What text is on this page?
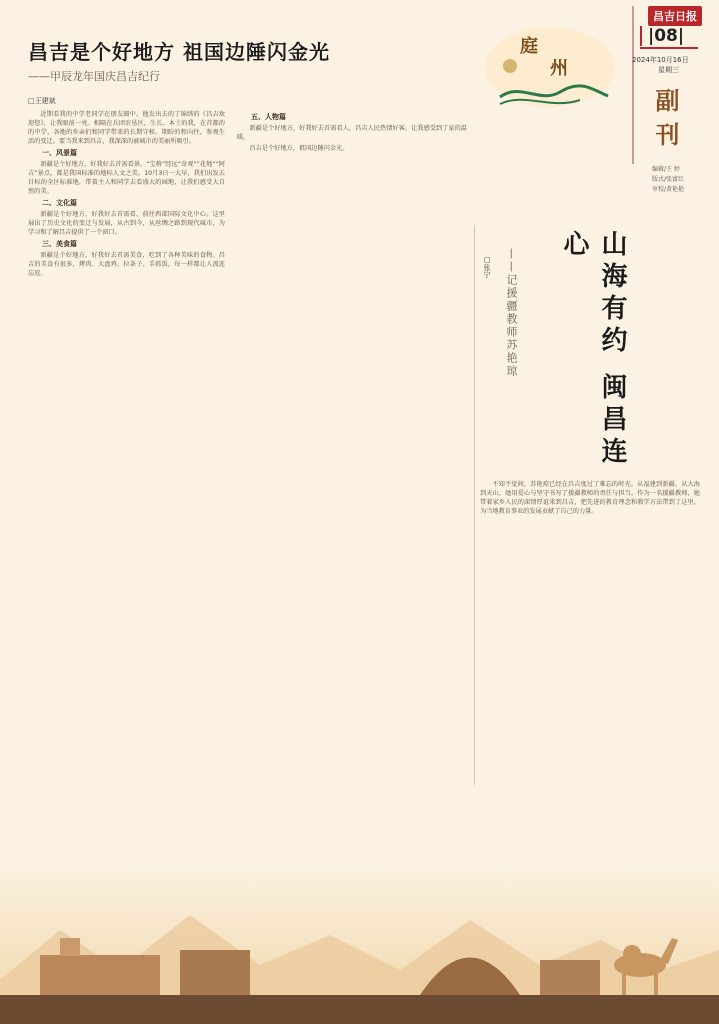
昌吉日报
|08|
2024年10月16日
星期三
副刊
编辑/王 婷
版式/张富红
审校/黄艳艳
庭
州
昌吉是个好地方 祖国边陲闪金光
——甲辰龙年国庆昌吉纪行
□王建斌

近期看我的中学老同学在朋友圈中，他发出去的了锦绣的《昌吉欢迎您》，让我眼前一亮。相隔在兵团农垦区，生长、本土的我，在首都的的中学，各地的乡亲们和同学带来的长期守候。期盼的和向往，参观生活的变迁。要当我来到昌吉，我深深的被城市的美丽所吸引。

一、风景篇

新疆是个好地方，好我好去首需看景。“宝格”经远“奇观”“花地”“阿吉”景点，都是我国标准的地标人文之美。10月3日一大早，我们出发去目标的全区标准地，带着主人和同学去看盛大的园地，让我们感受大自然的美。

二、文化篇

新疆是个好地方，好我好去首需看，前往西部国际文化中心。这里展出了历史文化的变迁与发展，从古到今，从丝绸之路到现代城市，为学习和了解昌吉提供了一个窗口。

三、美食篇

新疆是个好地方，好我好去首需美食，吃到了各种美味的食物。昌吉的美食有很多，烤肉、大盘鸡、拉条子、手抓饭，每一样都让人流连忘返。

五、人物篇

新疆是个好地方，好我好去首需看人，昌吉人民热情好客，让我感受到了家的温暖。

昌吉是个好地方，祖国边陲闪金光。

山海有约 闽昌连心
——记援疆教师苏艳琼
□张宁

不知不觉间，苏艳琼已经在昌吉度过了难忘的时光。从福建到新疆，从大海到天山，她用爱心与坚守书写了援疆教师的责任与担当。作为一名援疆教师，她带着家乡人民的深情厚谊来到昌吉，把先进的教育理念和教学方法带到了这里，为当地教育事业的发展贡献了自己的力量。
